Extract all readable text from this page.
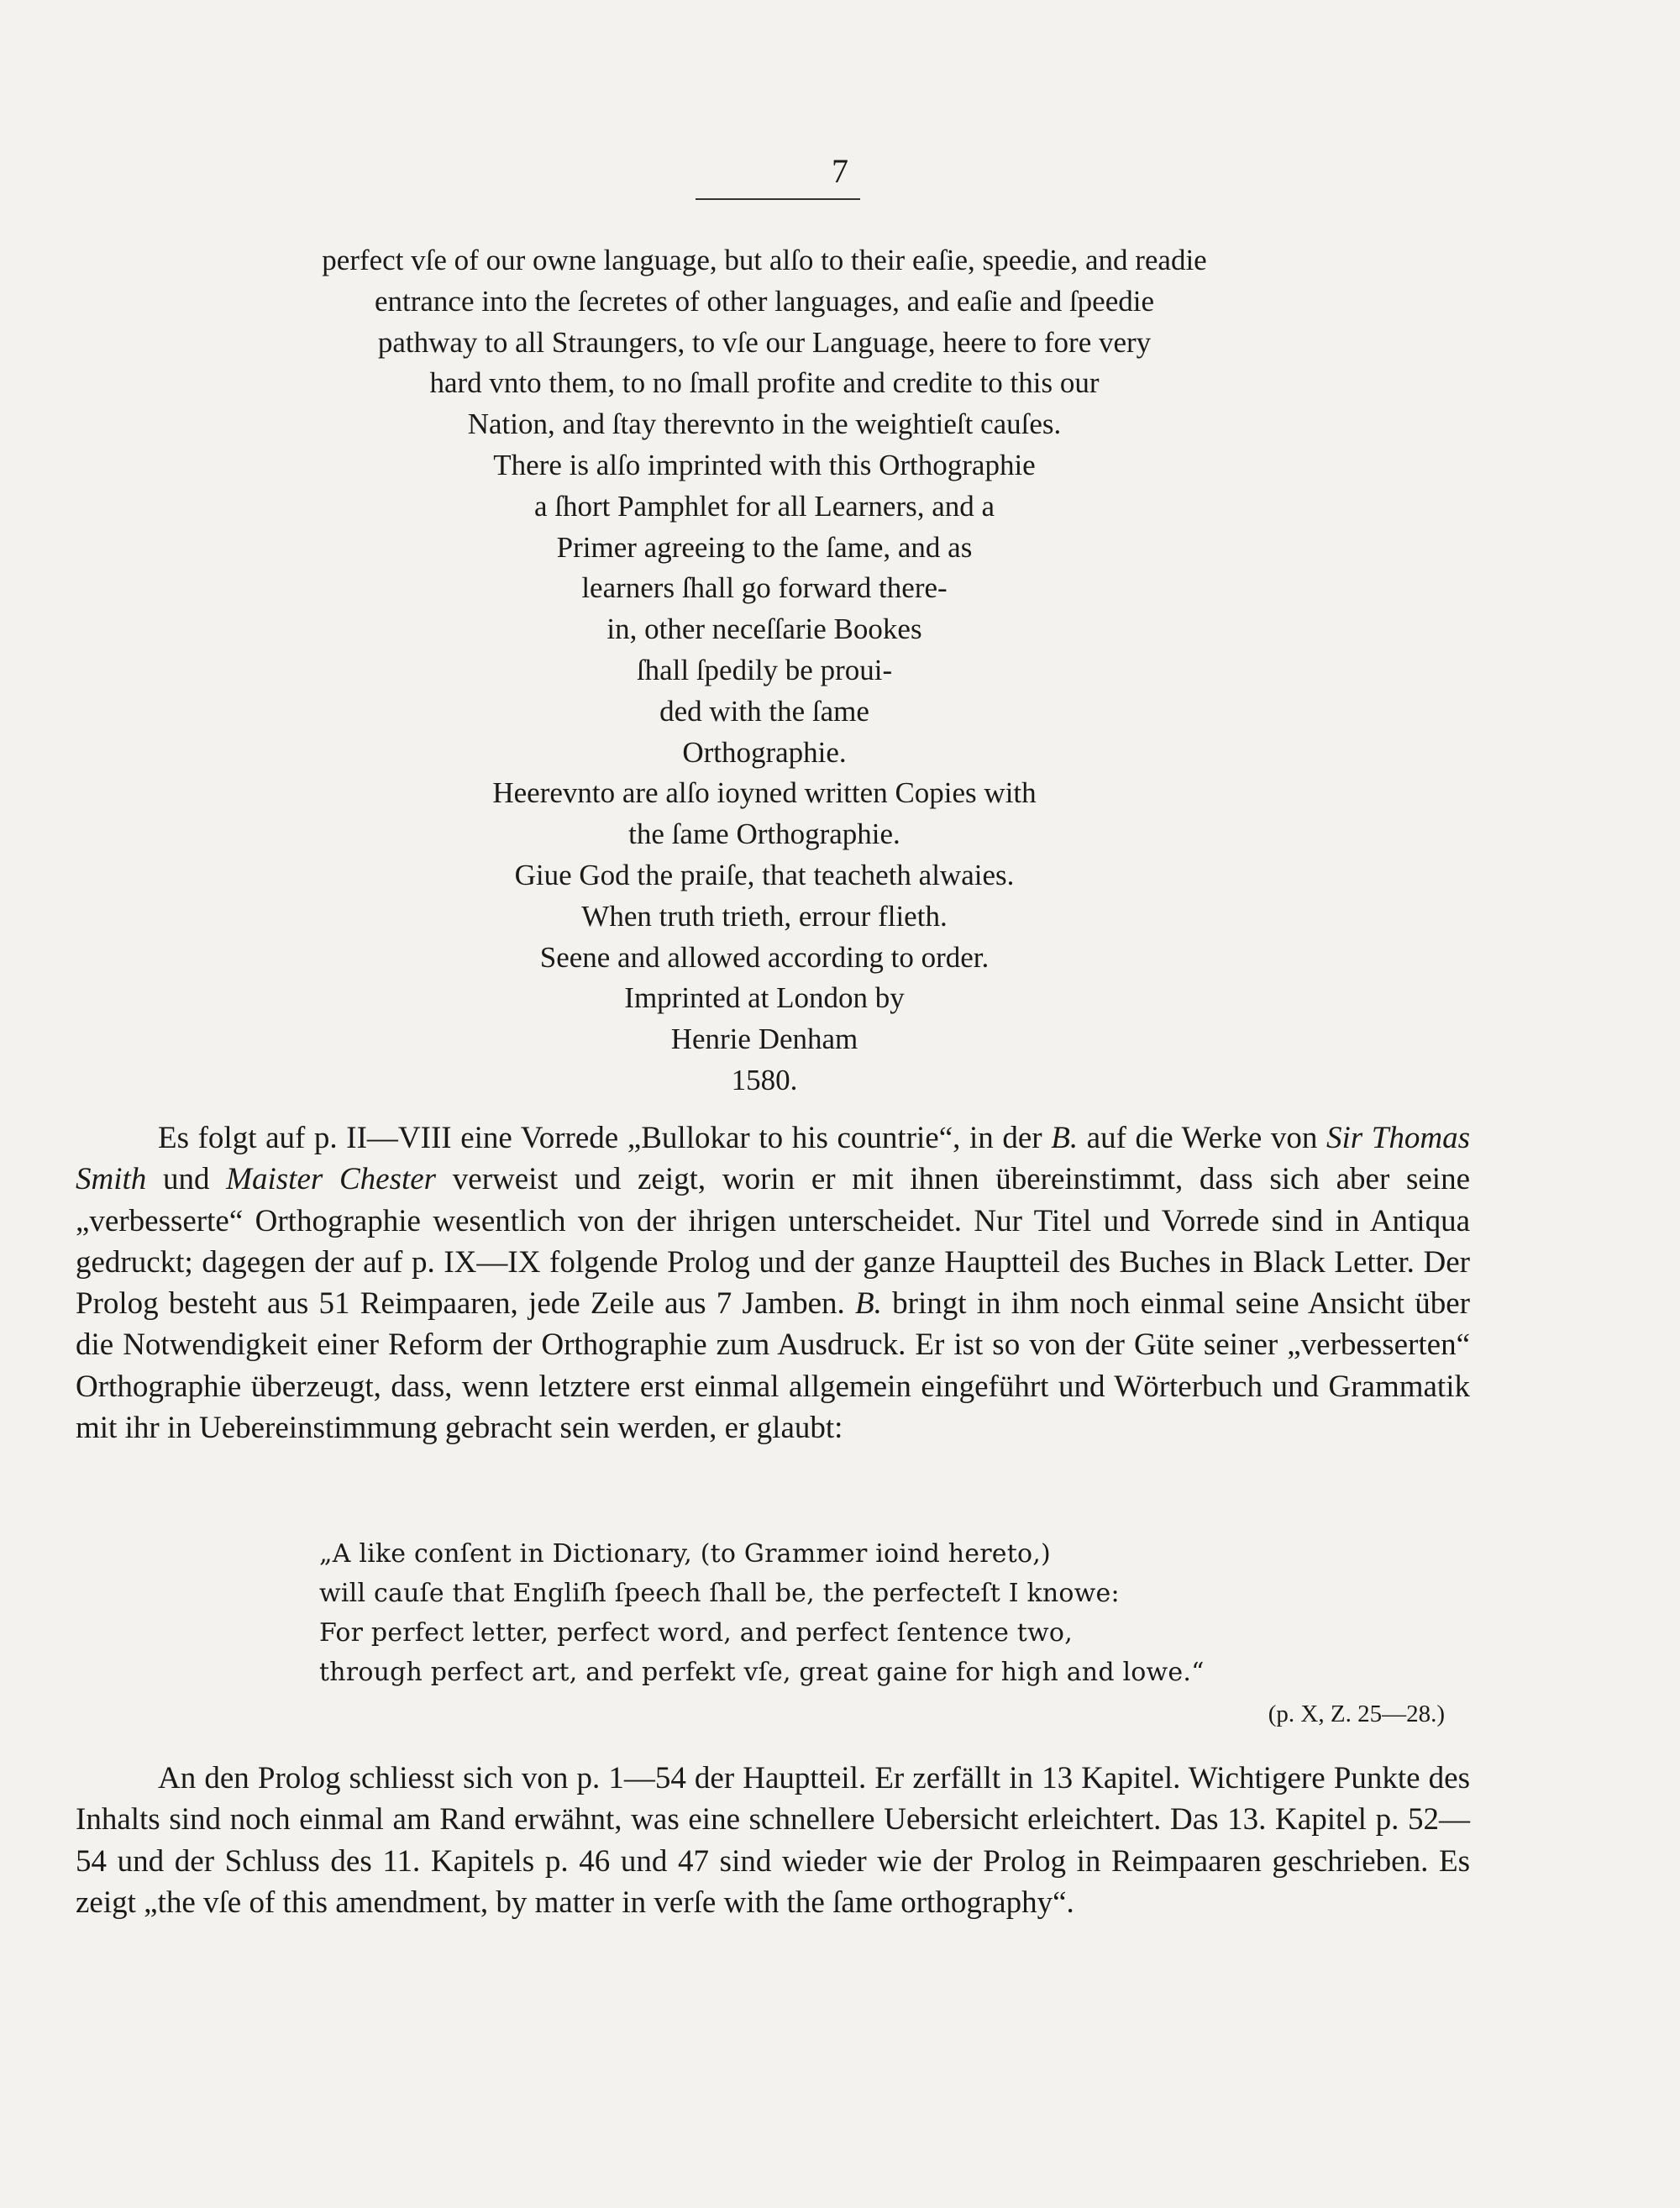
7
perfect vſe of our owne language, but alſo to their eaſie, speedie, and readie
entrance into the ſecretes of other languages, and eaſie and ſpeedie
pathway to all Straungers, to vſe our Language, heere to fore very
hard vnto them, to no ſmall profite and credite to this our
Nation, and ſtay therevnto in the weightieſt cauſes.
There is alſo imprinted with this Orthographie
a ſhort Pamphlet for all Learners, and a
Primer agreeing to the ſame, and as
learners ſhall go forward there-
in, other neceſſarie Bookes
ſhall ſpedily be proui-
ded with the ſame
Orthographie.
Heerevnto are alſo ioyned written Copies with
the ſame Orthographie.
Giue God the praiſe, that teacheth alwaies.
When truth trieth, errour flieth.
Seene and allowed according to order.
Imprinted at London by
Henrie Denham
1580.

Es folgt auf p. II—VIII eine Vorrede „Bullokar to his countrie“, in der B. auf die Werke von Sir Thomas Smith und Maister Chester verweist und zeigt, worin er mit ihnen übereinstimmt, dass sich aber seine „verbesserte“ Orthographie wesentlich von der ihrigen unterscheidet. Nur Titel und Vorrede sind in Antiqua gedruckt; dagegen der auf p. IX—IX folgende Prolog und der ganze Hauptteil des Buches in Black Letter. Der Prolog besteht aus 51 Reimpaaren, jede Zeile aus 7 Jamben. B. bringt in ihm noch einmal seine Ansicht über die Notwendigkeit einer Reform der Orthographie zum Ausdruck. Er ist so von der Güte seiner „verbesserten“ Orthographie überzeugt, dass, wenn letztere erst einmal allgemein eingeführt und Wörterbuch und Grammatik mit ihr in Uebereinstimmung gebracht sein werden, er glaubt:

„A like conſent in Dictionary, (to Grammer ioind hereto,)
will cauſe that Engliſh ſpeech ſhall be, the perfecteſt I knowe:
For perfect letter, perfect word, and perfect ſentence two,
through perfect art, and perfekt vſe, great gaine for high and lowe.“
(p. X, Z. 25—28.)

An den Prolog schliesst sich von p. 1—54 der Hauptteil. Er zerfällt in 13 Kapitel. Wichtigere Punkte des Inhalts sind noch einmal am Rand erwähnt, was eine schnellere Uebersicht erleichtert. Das 13. Kapitel p. 52—54 und der Schluss des 11. Kapitels p. 46 und 47 sind wieder wie der Prolog in Reimpaaren geschrieben. Es zeigt „the vſe of this amendment, by matter in verſe with the ſame orthography“.
